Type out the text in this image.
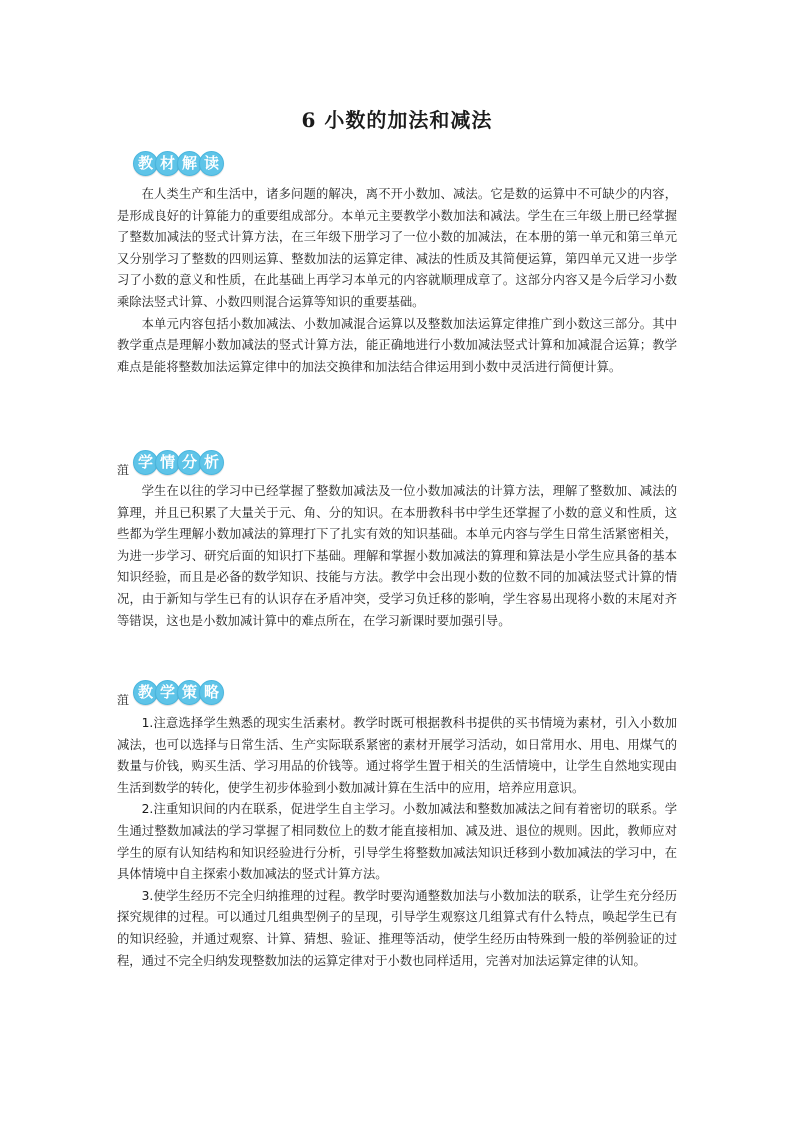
6 小数的加法和减法
教 材 解 读

在人类生产和生活中，诸多问题的解决，离不开小数加、减法。它是数的运算中不可缺少的内容，是形成良好的计算能力的重要组成部分。本单元主要教学小数加法和减法。学生在三年级上册已经掌握了整数加减法的竖式计算方法，在三年级下册学习了一位小数的加减法，在本册的第一单元和第三单元又分别学习了整数的四则运算、整数加法的运算定律、减法的性质及其简便运算，第四单元又进一步学习了小数的意义和性质，在此基础上再学习本单元的内容就顺理成章了。这部分内容又是今后学习小数乘除法竖式计算、小数四则混合运算等知识的重要基础。

本单元内容包括小数加减法、小数加减混合运算以及整数加法运算定律推广到小数这三部分。其中教学重点是理解小数加减法的竖式计算方法，能正确地进行小数加减法竖式计算和加减混合运算；教学难点是能将整数加法运算定律中的加法交换律和加法结合律运用到小数中灵活进行简便计算。

菹 学 情 分 析

学生在以往的学习中已经掌握了整数加减法及一位小数加减法的计算方法，理解了整数加、减法的算理，并且已积累了大量关于元、角、分的知识。在本册教科书中学生还掌握了小数的意义和性质，这些都为学生理解小数加减法的算理打下了扎实有效的知识基础。本单元内容与学生日常生活紧密相关，为进一步学习、研究后面的知识打下基础。理解和掌握小数加减法的算理和算法是小学生应具备的基本知识经验，而且是必备的数学知识、技能与方法。教学中会出现小数的位数不同的加减法竖式计算的情况，由于新知与学生已有的认识存在矛盾冲突，受学习负迁移的影响，学生容易出现将小数的末尾对齐等错误，这也是小数加减计算中的难点所在，在学习新课时要加强引导。

菹 教 学 策 略

1.注意选择学生熟悉的现实生活素材。教学时既可根据教科书提供的买书情境为素材，引入小数加减法，也可以选择与日常生活、生产实际联系紧密的素材开展学习活动，如日常用水、用电、用煤气的数量与价钱，购买生活、学习用品的价钱等。通过将学生置于相关的生活情境中，让学生自然地实现由生活到数学的转化，使学生初步体验到小数加减计算在生活中的应用，培养应用意识。

2.注重知识间的内在联系，促进学生自主学习。小数加减法和整数加减法之间有着密切的联系。学生通过整数加减法的学习掌握了相同数位上的数才能直接相加、减及进、退位的规则。因此，教师应对学生的原有认知结构和知识经验进行分析，引导学生将整数加减法知识迁移到小数加减法的学习中，在具体情境中自主探索小数加减法的竖式计算方法。

3.使学生经历不完全归纳推理的过程。教学时要沟通整数加法与小数加法的联系，让学生充分经历探究规律的过程。可以通过几组典型例子的呈现，引导学生观察这几组算式有什么特点，唤起学生已有的知识经验，并通过观察、计算、猜想、验证、推理等活动，使学生经历由特殊到一般的举例验证的过程，通过不完全归纳发现整数加法的运算定律对于小数也同样适用，完善对加法运算定律的认知。
